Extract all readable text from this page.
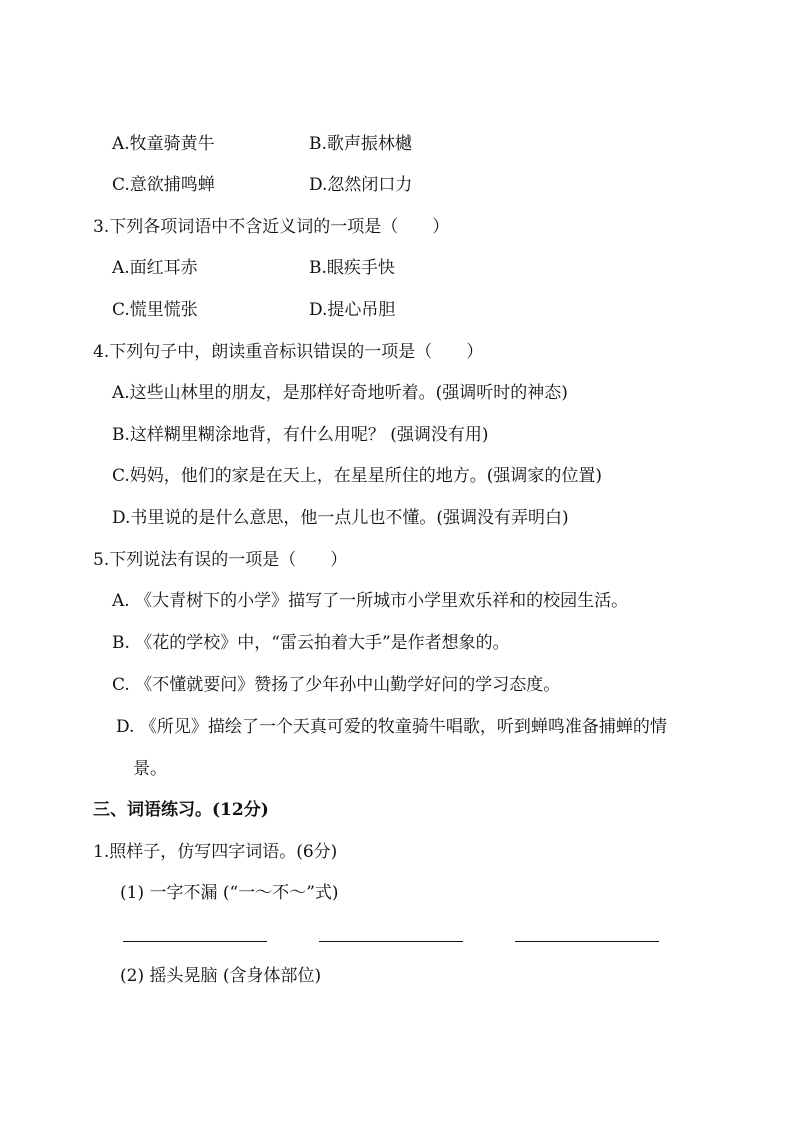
A.牧童骑黄牛	B.歌声振林樾
C.意欲捕鸣蝉	D.忽然闭口力
3.下列各项词语中不含近义词的一项是（　　）
A.面红耳赤	B.眼疾手快
C.慌里慌张	D.提心吊胆
4.下列句子中，朗读重音标识错误的一项是（　　）
A.这些山林里的朋友，是那样好奇地听着。(强调听时的神态)
B.这样糊里糊涂地背，有什么用呢？ (强调没有用)
C.妈妈，他们的家是在天上，在星星所住的地方。(强调家的位置)
D.书里说的是什么意思，他一点儿也不懂。(强调没有弄明白)
5.下列说法有误的一项是（　　）
A. 《大青树下的小学》描写了一所城市小学里欢乐祥和的校园生活。
B. 《花的学校》中，“雷云拍着大手”是作者想象的。
C. 《不懂就要问》赞扬了少年孙中山勤学好问的学习态度。
D. 《所见》描绘了一个天真可爱的牧童骑牛唱歌，听到蝉鸣准备捕蝉的情
景。
三、词语练习。(12分)
1.照样子，仿写四字词语。(6分)
(1) 一字不漏 (“一～不～”式)
(2) 摇头晃脑 (含身体部位)
